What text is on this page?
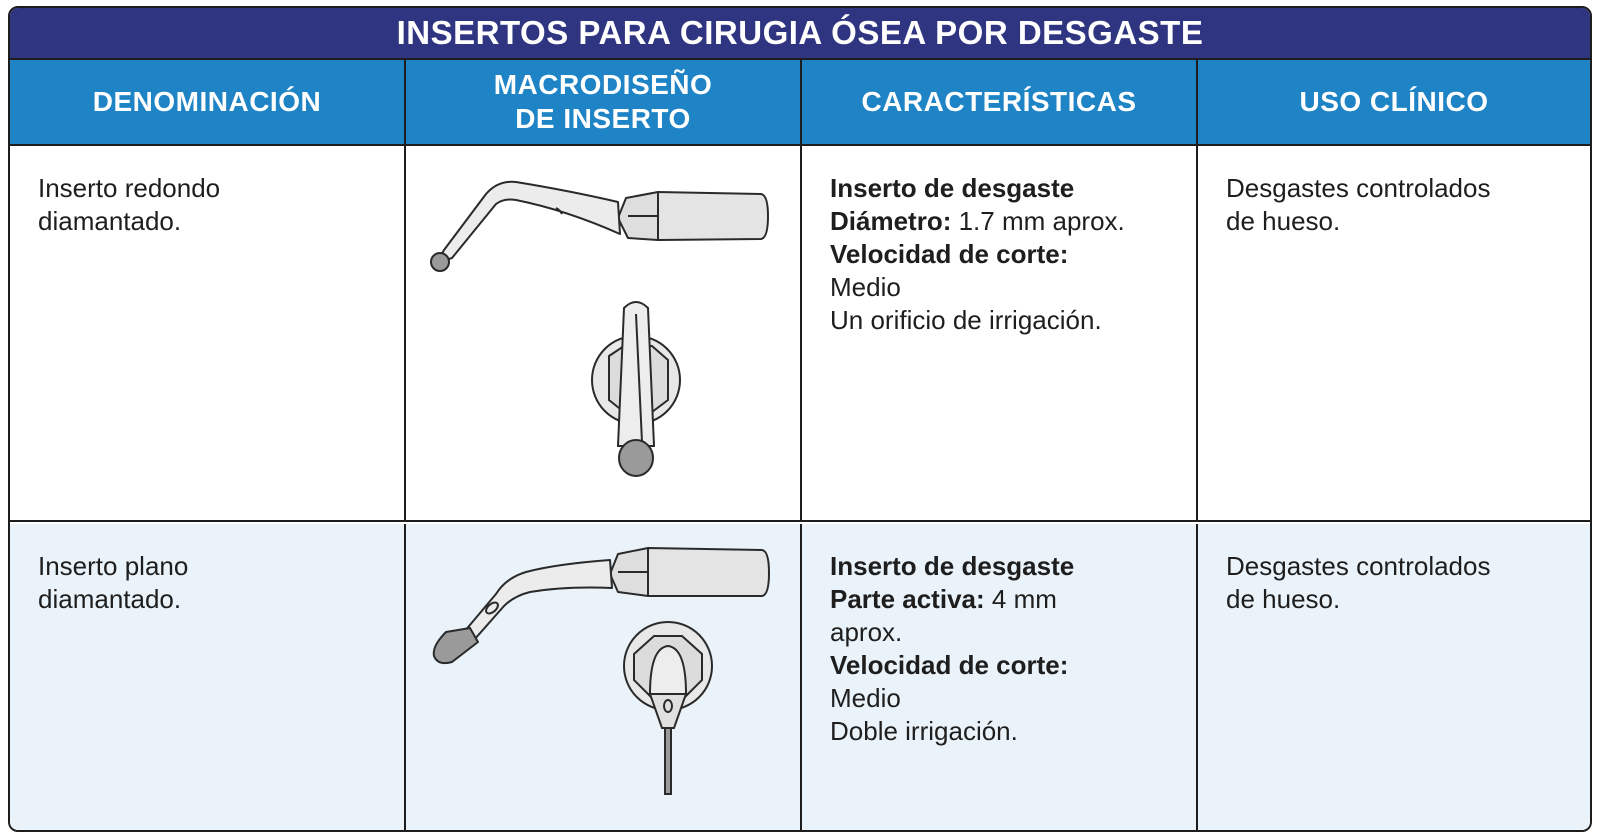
INSERTOS PARA CIRUGIA ÓSEA POR DESGASTE
DENOMINACIÓN
MACRODISEÑO
DE INSERTO
CARACTERÍSTICAS	USO CLÍNICO
Inserto redondo
diamantado.
Inserto de desgaste
Diámetro: 1.7 mm aprox.
Velocidad de corte:
Medio
Un orificio de irrigación.
Desgastes controlados
de hueso.
Inserto plano
diamantado.
Inserto de desgaste
Parte activa: 4 mm
aprox.
Velocidad de corte:
Medio
Doble irrigación.
Desgastes controlados
de hueso.
